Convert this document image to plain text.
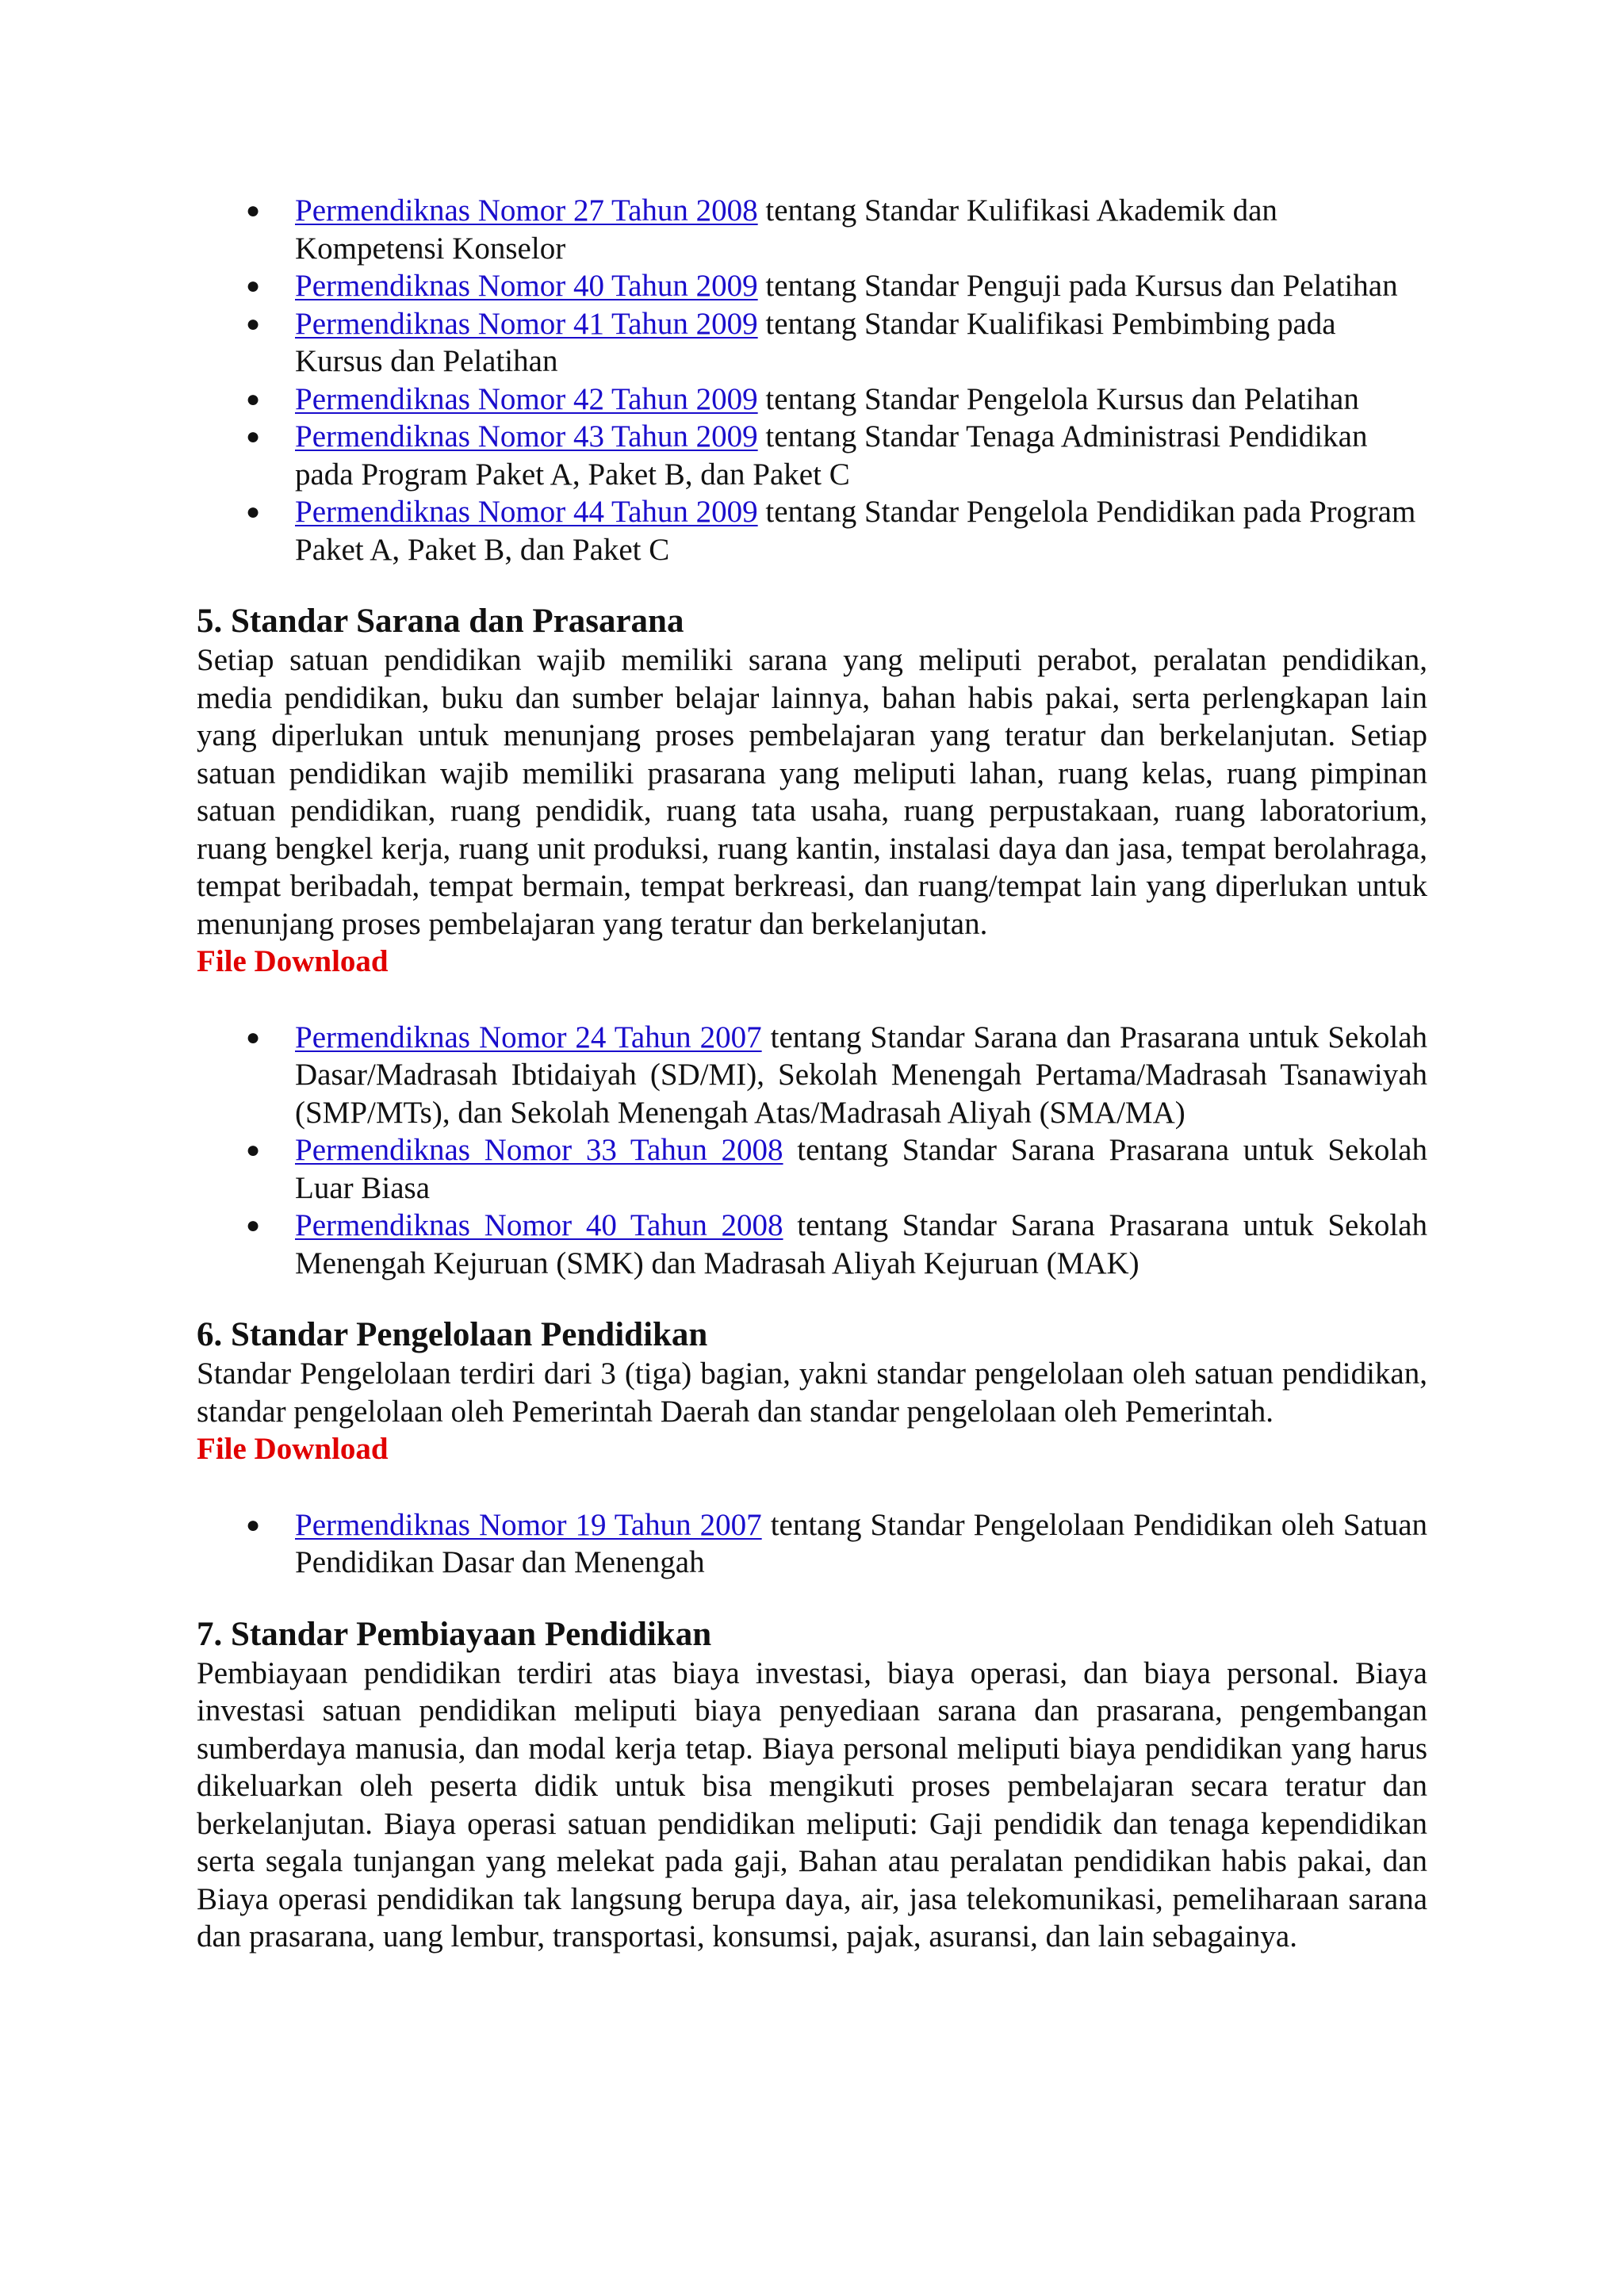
● Permendiknas Nomor 27 Tahun 2008 tentang Standar Kulifikasi Akademik dan Kompetensi Konselor
● Permendiknas Nomor 40 Tahun 2009 tentang Standar Penguji pada Kursus dan Pelatihan
● Permendiknas Nomor 41 Tahun 2009 tentang Standar Kualifikasi Pembimbing pada Kursus dan Pelatihan
● Permendiknas Nomor 42 Tahun 2009 tentang Standar Pengelola Kursus dan Pelatihan
● Permendiknas Nomor 43 Tahun 2009 tentang Standar Tenaga Administrasi Pendidikan pada Program Paket A, Paket B, dan Paket C
● Permendiknas Nomor 44 Tahun 2009 tentang Standar Pengelola Pendidikan pada Program Paket A, Paket B, dan Paket C
5. Standar Sarana dan Prasarana

Setiap satuan pendidikan wajib memiliki sarana yang meliputi perabot, peralatan pendidikan, media pendidikan, buku dan sumber belajar lainnya, bahan habis pakai, serta perlengkapan lain yang diperlukan untuk menunjang proses pembelajaran yang teratur dan berkelanjutan. Setiap satuan pendidikan wajib memiliki prasarana yang meliputi lahan, ruang kelas, ruang pimpinan satuan pendidikan, ruang pendidik, ruang tata usaha, ruang perpustakaan, ruang laboratorium, ruang bengkel kerja, ruang unit produksi, ruang kantin, instalasi daya dan jasa, tempat berolahraga, tempat beribadah, tempat bermain, tempat berkreasi, dan ruang/tempat lain yang diperlukan untuk menunjang proses pembelajaran yang teratur dan berkelanjutan.

File Download

● Permendiknas Nomor 24 Tahun 2007 tentang Standar Sarana dan Prasarana untuk Sekolah Dasar/Madrasah Ibtidaiyah (SD/MI), Sekolah Menengah Pertama/Madrasah Tsanawiyah (SMP/MTs), dan Sekolah Menengah Atas/Madrasah Aliyah (SMA/MA)
● Permendiknas Nomor 33 Tahun 2008 tentang Standar Sarana Prasarana untuk Sekolah Luar Biasa
● Permendiknas Nomor 40 Tahun 2008 tentang Standar Sarana Prasarana untuk Sekolah Menengah Kejuruan (SMK) dan Madrasah Aliyah Kejuruan (MAK)
6. Standar Pengelolaan Pendidikan

Standar Pengelolaan terdiri dari 3 (tiga) bagian, yakni standar pengelolaan oleh satuan pendidikan, standar pengelolaan oleh Pemerintah Daerah dan standar pengelolaan oleh Pemerintah.

File Download

● Permendiknas Nomor 19 Tahun 2007 tentang Standar Pengelolaan Pendidikan oleh Satuan Pendidikan Dasar dan Menengah
7. Standar Pembiayaan Pendidikan

Pembiayaan pendidikan terdiri atas biaya investasi, biaya operasi, dan biaya personal. Biaya investasi satuan pendidikan meliputi biaya penyediaan sarana dan prasarana, pengembangan sumberdaya manusia, dan modal kerja tetap. Biaya personal meliputi biaya pendidikan yang harus dikeluarkan oleh peserta didik untuk bisa mengikuti proses pembelajaran secara teratur dan berkelanjutan. Biaya operasi satuan pendidikan meliputi: Gaji pendidik dan tenaga kependidikan serta segala tunjangan yang melekat pada gaji, Bahan atau peralatan pendidikan habis pakai, dan Biaya operasi pendidikan tak langsung berupa daya, air, jasa telekomunikasi, pemeliharaan sarana dan prasarana, uang lembur, transportasi, konsumsi, pajak, asuransi, dan lain sebagainya.
